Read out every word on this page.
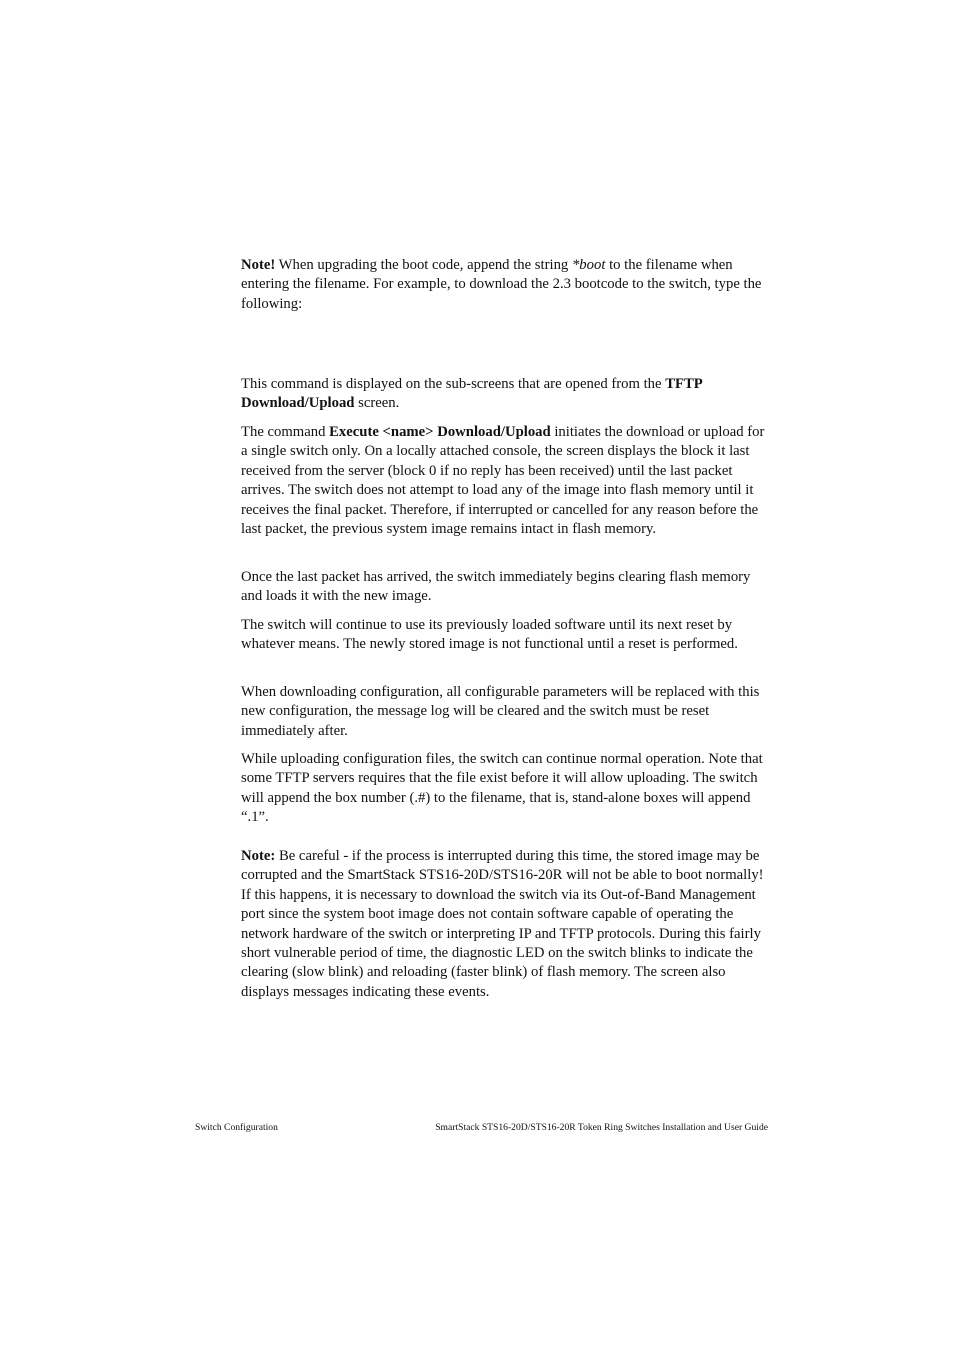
Note! When upgrading the boot code, append the string *boot to the filename when entering the filename. For example, to download the 2.3 bootcode to the switch, type the following:

This command is displayed on the sub-screens that are opened from the TFTP Download/Upload screen.

The command Execute <name> Download/Upload initiates the download or upload for a single switch only. On a locally attached console, the screen displays the block it last received from the server (block 0 if no reply has been received) until the last packet arrives. The switch does not attempt to load any of the image into flash memory until it receives the final packet. Therefore, if interrupted or cancelled for any reason before the last packet, the previous system image remains intact in flash memory.

Once the last packet has arrived, the switch immediately begins clearing flash memory and loads it with the new image.

The switch will continue to use its previously loaded software until its next reset by whatever means. The newly stored image is not functional until a reset is performed.

When downloading configuration, all configurable parameters will be replaced with this new configuration, the message log will be cleared and the switch must be reset immediately after.

While uploading configuration files, the switch can continue normal operation. Note that some TFTP servers requires that the file exist before it will allow uploading. The switch will append the box number (.#) to the filename, that is, stand-alone boxes will append “.1”.

Note: Be careful - if the process is interrupted during this time, the stored image may be corrupted and the SmartStack STS16-20D/STS16-20R will not be able to boot normally! If this happens, it is necessary to download the switch via its Out-of-Band Management port since the system boot image does not contain software capable of operating the network hardware of the switch or interpreting IP and TFTP protocols. During this fairly short vulnerable period of time, the diagnostic LED on the switch blinks to indicate the clearing (slow blink) and reloading (faster blink) of flash memory. The screen also displays messages indicating these events.

Switch Configuration	SmartStack STS16-20D/STS16-20R Token Ring Switches Installation and User Guide
